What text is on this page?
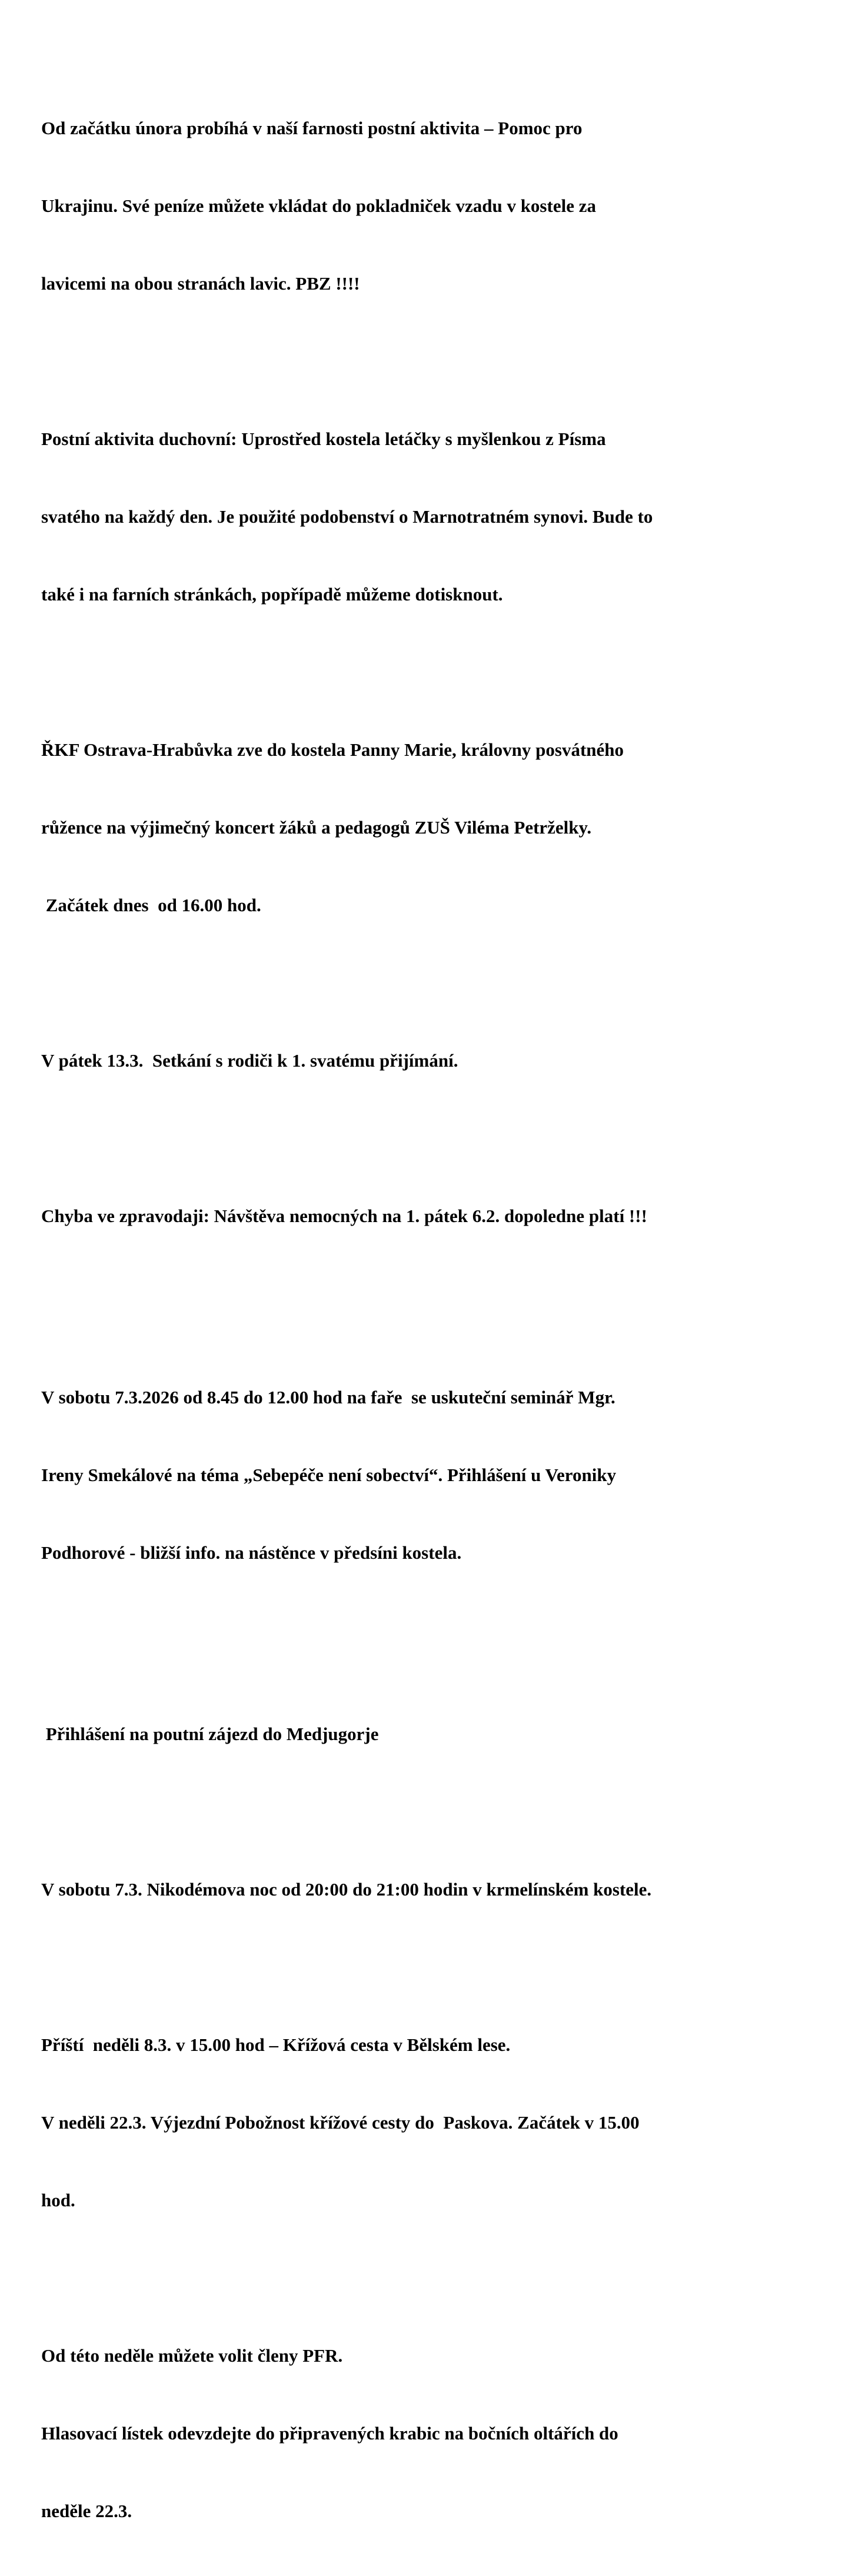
Od začátku února probíhá v naší farnosti postní aktivita – Pomoc pro

Ukrajinu. Své peníze můžete vkládat do pokladniček vzadu v kostele za

lavicemi na obou stranách lavic. PBZ !!!!

Postní aktivita duchovní: Uprostřed kostela letáčky s myšlenkou z Písma

svatého na každý den. Je použité podobenství o Marnotratném synovi. Bude to

také i na farních stránkách, popřípadě můžeme dotisknout.

ŘKF Ostrava-Hrabůvka zve do kostela Panny Marie, královny posvátného

růžence na výjimečný koncert žáků a pedagogů ZUŠ Viléma Petrželky.

Začátek dnes  od 16.00 hod.

V pátek 13.3.  Setkání s rodiči k 1. svatému přijímání.

Chyba ve zpravodaji: Návštěva nemocných na 1. pátek 6.2. dopoledne platí !!!

V sobotu 7.3.2026 od 8.45 do 12.00 hod na faře  se uskuteční seminář Mgr.

Ireny Smekálové na téma „Sebepéče není sobectví“. Přihlášení u Veroniky

Podhorové - bližší info. na nástěnce v předsíni kostela.

Přihlášení na poutní zájezd do Medjugorje

V sobotu 7.3. Nikodémova noc od 20:00 do 21:00 hodin v krmelínském kostele.

Příští  neděli 8.3. v 15.00 hod – Křížová cesta v Bělském lese.

V neděli 22.3. Výjezdní Pobožnost křížové cesty do  Paskova. Začátek v 15.00

hod.

Od této neděle můžete volit členy PFR.

Hlasovací lístek odevzdejte do připravených krabic na bočních oltářích do

neděle 22.3.
